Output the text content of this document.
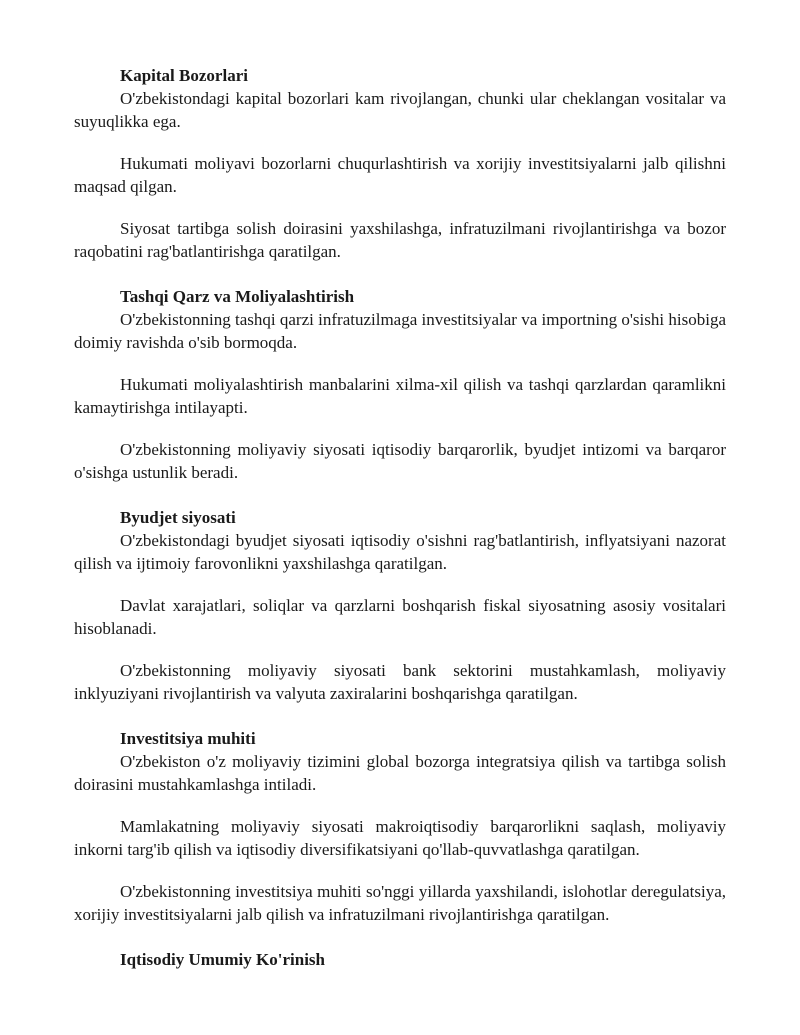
Kapital Bozorlari

O'zbekistondagi kapital bozorlari kam rivojlangan, chunki ular cheklangan vositalar va suyuqlikka ega.

Hukumati moliyavi bozorlarni chuqurlashtirish va xorijiy investitsiyalarni jalb qilishni maqsad qilgan.

Siyosat tartibga solish doirasini yaxshilashga, infratuzilmani rivojlantirishga va bozor raqobatini rag'batlantirishga qaratilgan.

Tashqi Qarz va Moliyalashtirish

O'zbekistonning tashqi qarzi infratuzilmaga investitsiyalar va importning o'sishi hisobiga doimiy ravishda o'sib bormoqda.

Hukumati moliyalashtirish manbalarini xilma-xil qilish va tashqi qarzlardan qaramlikni kamaytirishga intilayapti.

O'zbekistonning moliyaviy siyosati iqtisodiy barqarorlik, byudjet intizomi va barqaror o'sishga ustunlik beradi.

Byudjet siyosati

O'zbekistondagi byudjet siyosati iqtisodiy o'sishni rag'batlantirish, inflyatsiyani nazorat qilish va ijtimoiy farovonlikni yaxshilashga qaratilgan.

Davlat xarajatlari, soliqlar va qarzlarni boshqarish fiskal siyosatning asosiy vositalari hisoblanadi.

O'zbekistonning moliyaviy siyosati bank sektorini mustahkamlash, moliyaviy inklyuziyani rivojlantirish va valyuta zaxiralarini boshqarishga qaratilgan.

Investitsiya muhiti

O'zbekiston o'z moliyaviy tizimini global bozorga integratsiya qilish va tartibga solish doirasini mustahkamlashga intiladi.

Mamlakatning moliyaviy siyosati makroiqtisodiy barqarorlikni saqlash, moliyaviy inkorni targ'ib qilish va iqtisodiy diversifikatsiyani qo'llab-quvvatlashga qaratilgan.

O'zbekistonning investitsiya muhiti so'nggi yillarda yaxshilandi, islohotlar deregulatsiya, xorijiy investitsiyalarni jalb qilish va infratuzilmani rivojlantirishga qaratilgan.

Iqtisodiy Umumiy Ko'rinish
